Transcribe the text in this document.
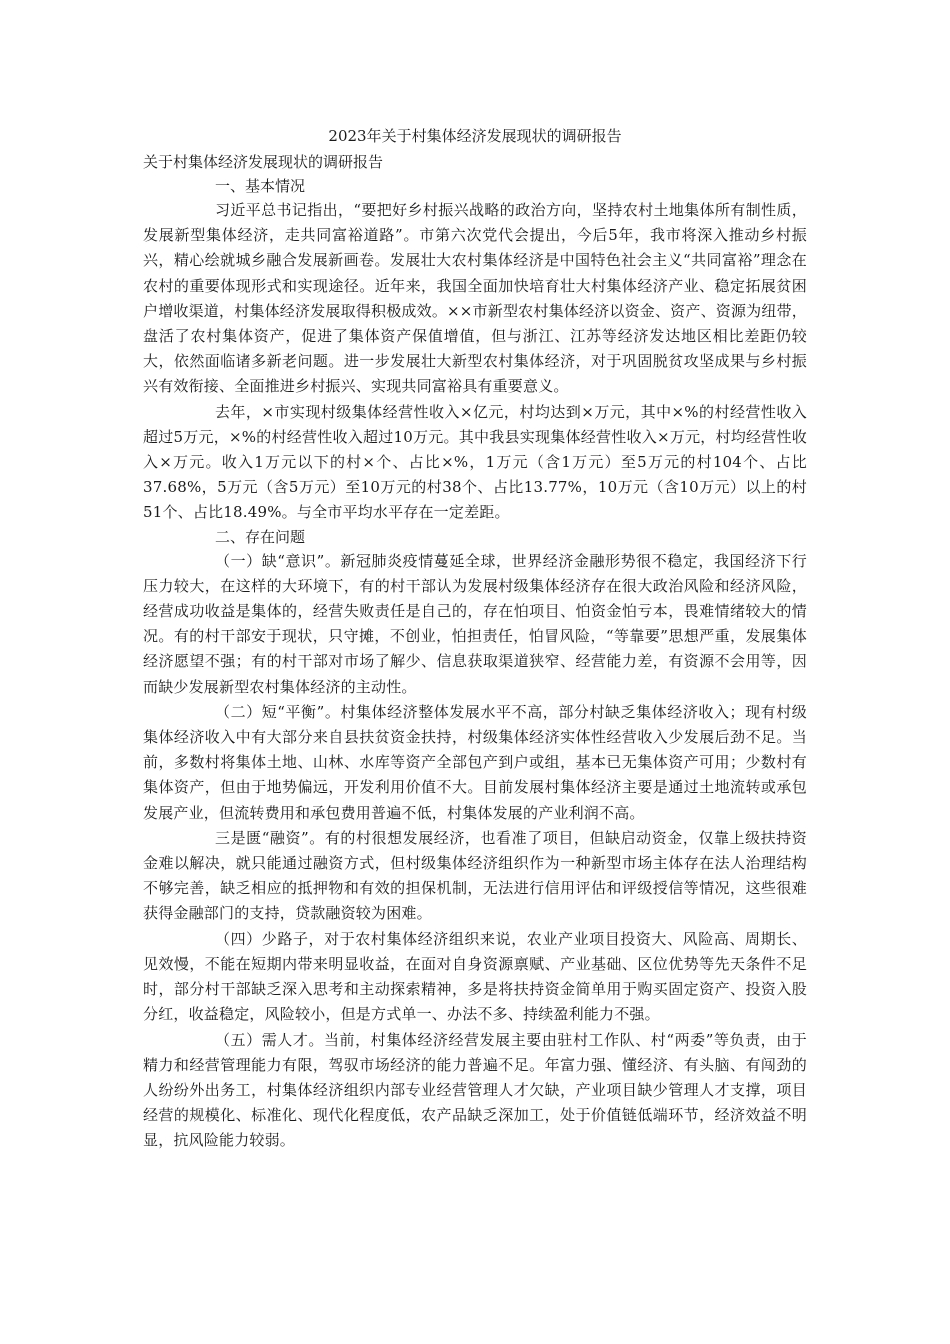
2023年关于村集体经济发展现状的调研报告
关于村集体经济发展现状的调研报告
一、基本情况

习近平总书记指出，“要把好乡村振兴战略的政治方向，坚持农村土地集体所有制性质，发展新型集体经济，走共同富裕道路”。市第六次党代会提出，今后5年，我市将深入推动乡村振兴，精心绘就城乡融合发展新画卷。发展壮大农村集体经济是中国特色社会主义“共同富裕”理念在农村的重要体现形式和实现途径。近年来，我国全面加快培育壮大村集体经济产业、稳定拓展贫困户增收渠道，村集体经济发展取得积极成效。××市新型农村集体经济以资金、资产、资源为纽带，盘活了农村集体资产，促进了集体资产保值增值，但与浙江、江苏等经济发达地区相比差距仍较大，依然面临诸多新老问题。进一步发展壮大新型农村集体经济，对于巩固脱贫攻坚成果与乡村振兴有效衔接、全面推进乡村振兴、实现共同富裕具有重要意义。

去年，×市实现村级集体经营性收入×亿元，村均达到×万元，其中×%的村经营性收入超过5万元，×%的村经营性收入超过10万元。其中我县实现集体经营性收入×万元，村均经营性收入×万元。收入1万元以下的村×个、占比×%，1万元（含1万元）至5万元的村104个、占比37.68%，5万元（含5万元）至10万元的村38个、占比13.77%，10万元（含10万元）以上的村51个、占比18.49%。与全市平均水平存在一定差距。

二、存在问题

（一）缺“意识”。新冠肺炎疫情蔓延全球，世界经济金融形势很不稳定，我国经济下行压力较大，在这样的大环境下，有的村干部认为发展村级集体经济存在很大政治风险和经济风险，经营成功收益是集体的，经营失败责任是自己的，存在怕项目、怕资金怕亏本，畏难情绪较大的情况。有的村干部安于现状，只守摊，不创业，怕担责任，怕冒风险，“等靠要”思想严重，发展集体经济愿望不强；有的村干部对市场了解少、信息获取渠道狭窄、经营能力差，有资源不会用等，因而缺少发展新型农村集体经济的主动性。

（二）短“平衡”。村集体经济整体发展水平不高，部分村缺乏集体经济收入；现有村级集体经济收入中有大部分来自县扶贫资金扶持，村级集体经济实体性经营收入少发展后劲不足。当前，多数村将集体土地、山林、水库等资产全部包产到户或组，基本已无集体资产可用；少数村有集体资产，但由于地势偏远，开发利用价值不大。目前发展村集体经济主要是通过土地流转或承包发展产业，但流转费用和承包费用普遍不低，村集体发展的产业利润不高。

三是匮“融资”。有的村很想发展经济，也看准了项目，但缺启动资金，仅靠上级扶持资金难以解决，就只能通过融资方式，但村级集体经济组织作为一种新型市场主体存在法人治理结构不够完善，缺乏相应的抵押物和有效的担保机制，无法进行信用评估和评级授信等情况，这些很难获得金融部门的支持，贷款融资较为困难。

（四）少路子，对于农村集体经济组织来说，农业产业项目投资大、风险高、周期长、见效慢，不能在短期内带来明显收益，在面对自身资源禀赋、产业基础、区位优势等先天条件不足时，部分村干部缺乏深入思考和主动探索精神，多是将扶持资金简单用于购买固定资产、投资入股分红，收益稳定，风险较小，但是方式单一、办法不多、持续盈利能力不强。

（五）需人才。当前，村集体经济经营发展主要由驻村工作队、村“两委”等负责，由于精力和经营管理能力有限，驾驭市场经济的能力普遍不足。年富力强、懂经济、有头脑、有闯劲的人纷纷外出务工，村集体经济组织内部专业经营管理人才欠缺，产业项目缺少管理人才支撑，项目经营的规模化、标准化、现代化程度低，农产品缺乏深加工，处于价值链低端环节，经济效益不明显，抗风险能力较弱。
